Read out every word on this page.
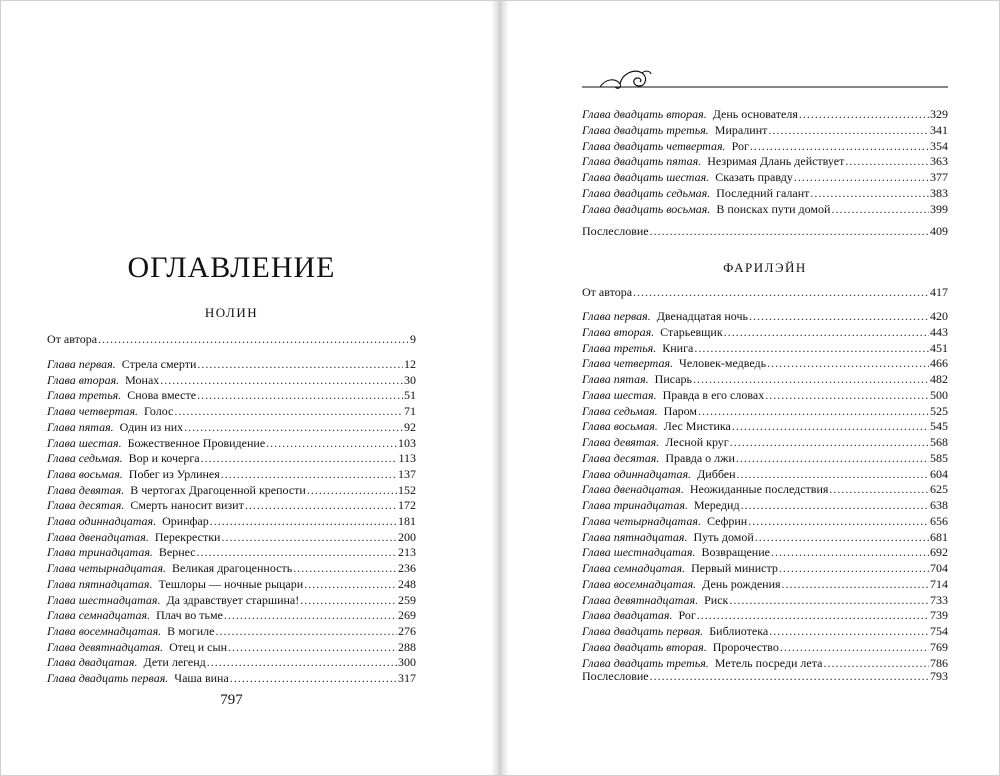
ОГЛАВЛЕНИЕ
НОЛИН
От автора .....	9
Глава первая. Стрела смерти .....	12
Глава вторая. Монах .....	30
Глава третья. Снова вместе .....	51
Глава четвертая. Голос .....	71
Глава пятая. Один из них .....	92
Глава шестая. Божественное Провидение .....	103
Глава седьмая. Вор и кочерга .....	113
Глава восьмая. Побег из Урлинея .....	137
Глава девятая. В чертогах Драгоценной крепости .....	152
Глава десятая. Смерть наносит визит .....	172
Глава одиннадцатая. Оринфар .....	181
Глава двенадцатая. Перекрестки .....	200
Глава тринадцатая. Вернес .....	213
Глава четырнадцатая. Великая драгоценность .....	236
Глава пятнадцатая. Тешлоры — ночные рыцари .....	248
Глава шестнадцатая. Да здравствует старшина! .....	259
Глава семнадцатая. Плач во тьме .....	269
Глава восемнадцатая. В могиле .....	276
Глава девятнадцатая. Отец и сын .....	288
Глава двадцатая. Дети легенд .....	300
Глава двадцать первая. Чаша вина .....	317
797
Глава двадцать вторая. День основателя .....	329
Глава двадцать третья. Миралинт .....	341
Глава двадцать четвертая. Рог .....	354
Глава двадцать пятая. Незримая Длань действует .....	363
Глава двадцать шестая. Сказать правду .....	377
Глава двадцать седьмая. Последний галант .....	383
Глава двадцать восьмая. В поисках пути домой .....	399
Послесловие .....	409
ФАРИЛЭЙН
От автора .....	417
Глава первая. Двенадцатая ночь .....	420
Глава вторая. Старьевщик .....	443
Глава третья. Книга .....	451
Глава четвертая. Человек-медведь .....	466
Глава пятая. Писарь .....	482
Глава шестая. Правда в его словах .....	500
Глава седьмая. Паром .....	525
Глава восьмая. Лес Мистика .....	545
Глава девятая. Лесной круг .....	568
Глава десятая. Правда о лжи .....	585
Глава одиннадцатая. Диббен .....	604
Глава двенадцатая. Неожиданные последствия .....	625
Глава тринадцатая. Мередид .....	638
Глава четырнадцатая. Сефрин .....	656
Глава пятнадцатая. Путь домой .....	681
Глава шестнадцатая. Возвращение .....	692
Глава семнадцатая. Первый министр .....	704
Глава восемнадцатая. День рождения .....	714
Глава девятнадцатая. Риск .....	733
Глава двадцатая. Рог .....	739
Глава двадцать первая. Библиотека .....	754
Глава двадцать вторая. Пророчество .....	769
Глава двадцать третья. Метель посреди лета .....	786
Послесловие .....	793
